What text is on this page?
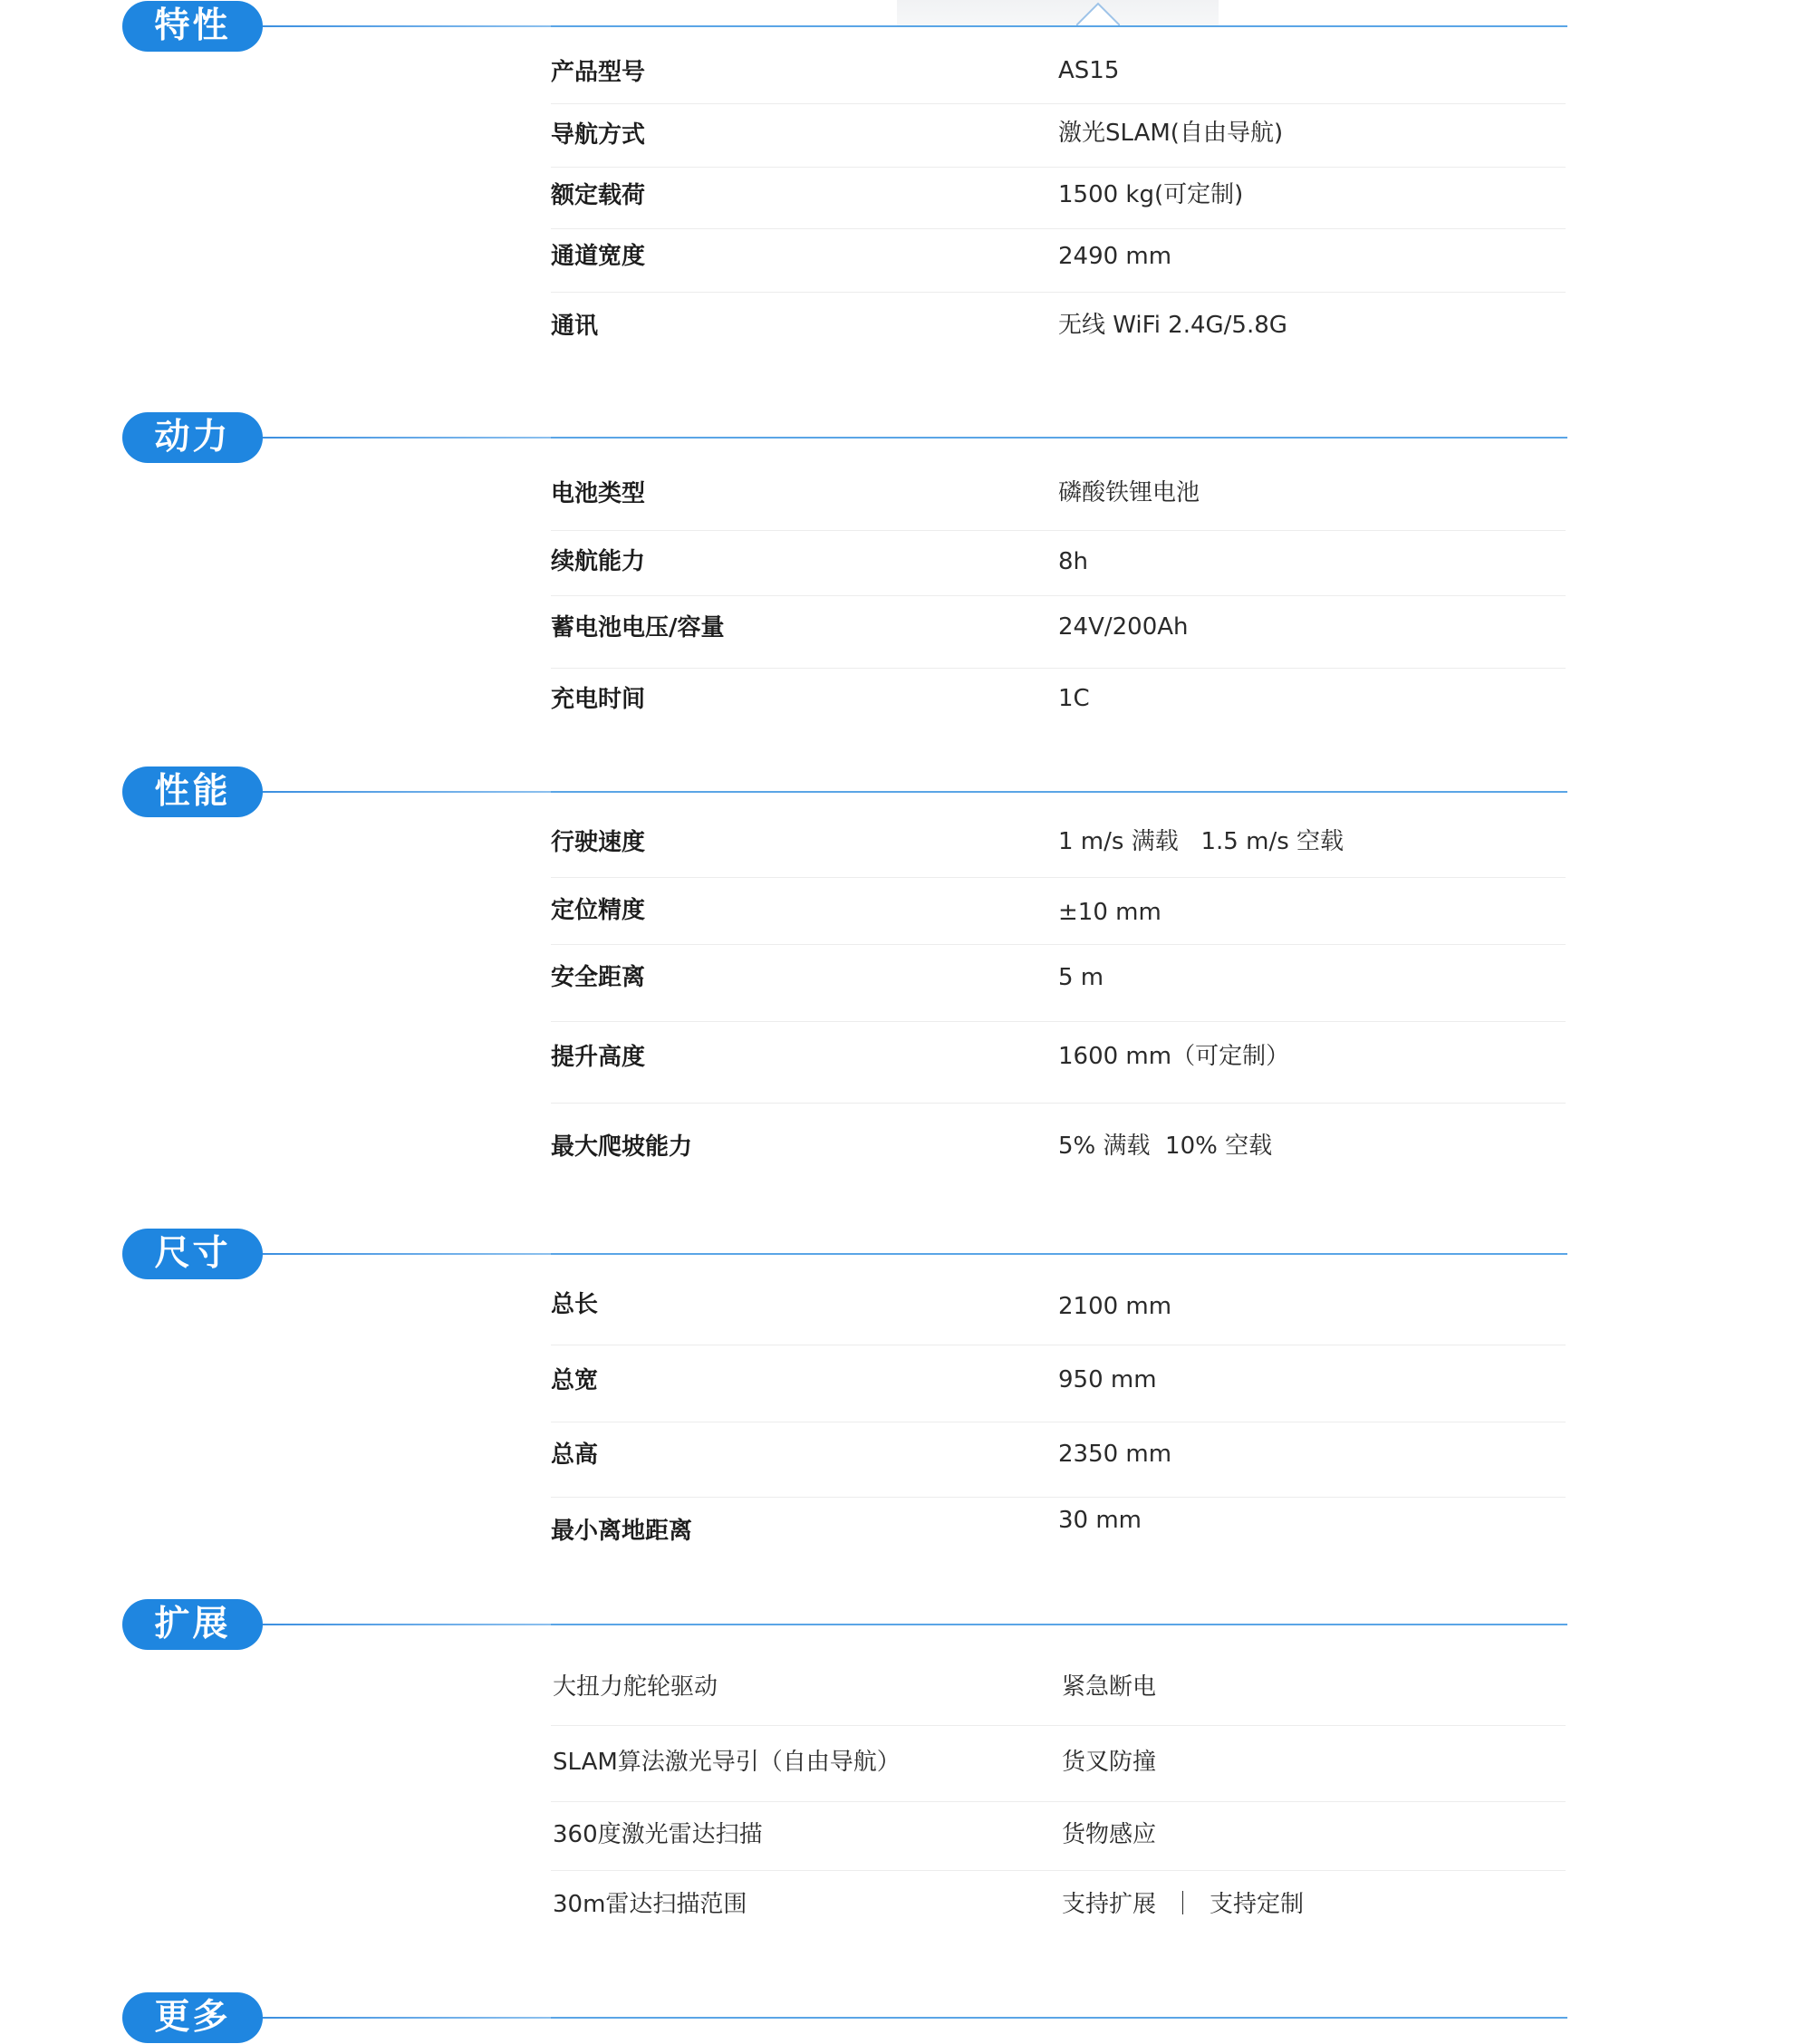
特性
产品型号	AS15
导航方式	激光SLAM(自由导航)
额定载荷	1500 kg(可定制)
通道宽度	2490 mm
通讯	无线 WiFi 2.4G/5.8G
动力
电池类型	磷酸铁锂电池
续航能力	8h
蓄电池电压/容量	24V/200Ah
充电时间	1C
性能
行驶速度	1 m/s 满载   1.5 m/s 空载
定位精度	±10 mm
安全距离	5 m
提升高度	1600 mm（可定制）
最大爬坡能力	5% 满载  10% 空载
尺寸
总长	2100 mm
总宽	950 mm
总高	2350 mm
最小离地距离	30 mm
扩展
大扭力舵轮驱动	紧急断电
SLAM算法激光导引（自由导航）	货叉防撞
360度激光雷达扫描	货物感应
30m雷达扫描范围	支持扩展  ｜  支持定制
更多
